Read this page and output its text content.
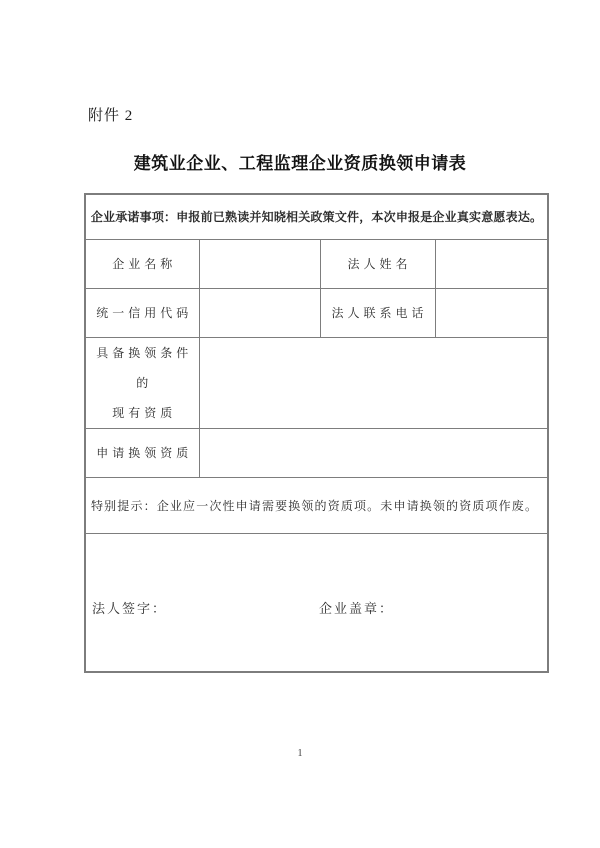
附件 2
建筑业企业、工程监理企业资质换领申请表
企业承诺事项：申报前已熟读并知晓相关政策文件，本次申报是企业真实意愿表达。			
企业名称		法人姓名	
统一信用代码		法人联系电话	

具备换领条件的
现有资质			

申请换领资质			
特别提示：企业应一次性申请需要换领的资质项。未申请换领的资质项作废。			

法人签字： 企业盖章：			
1
